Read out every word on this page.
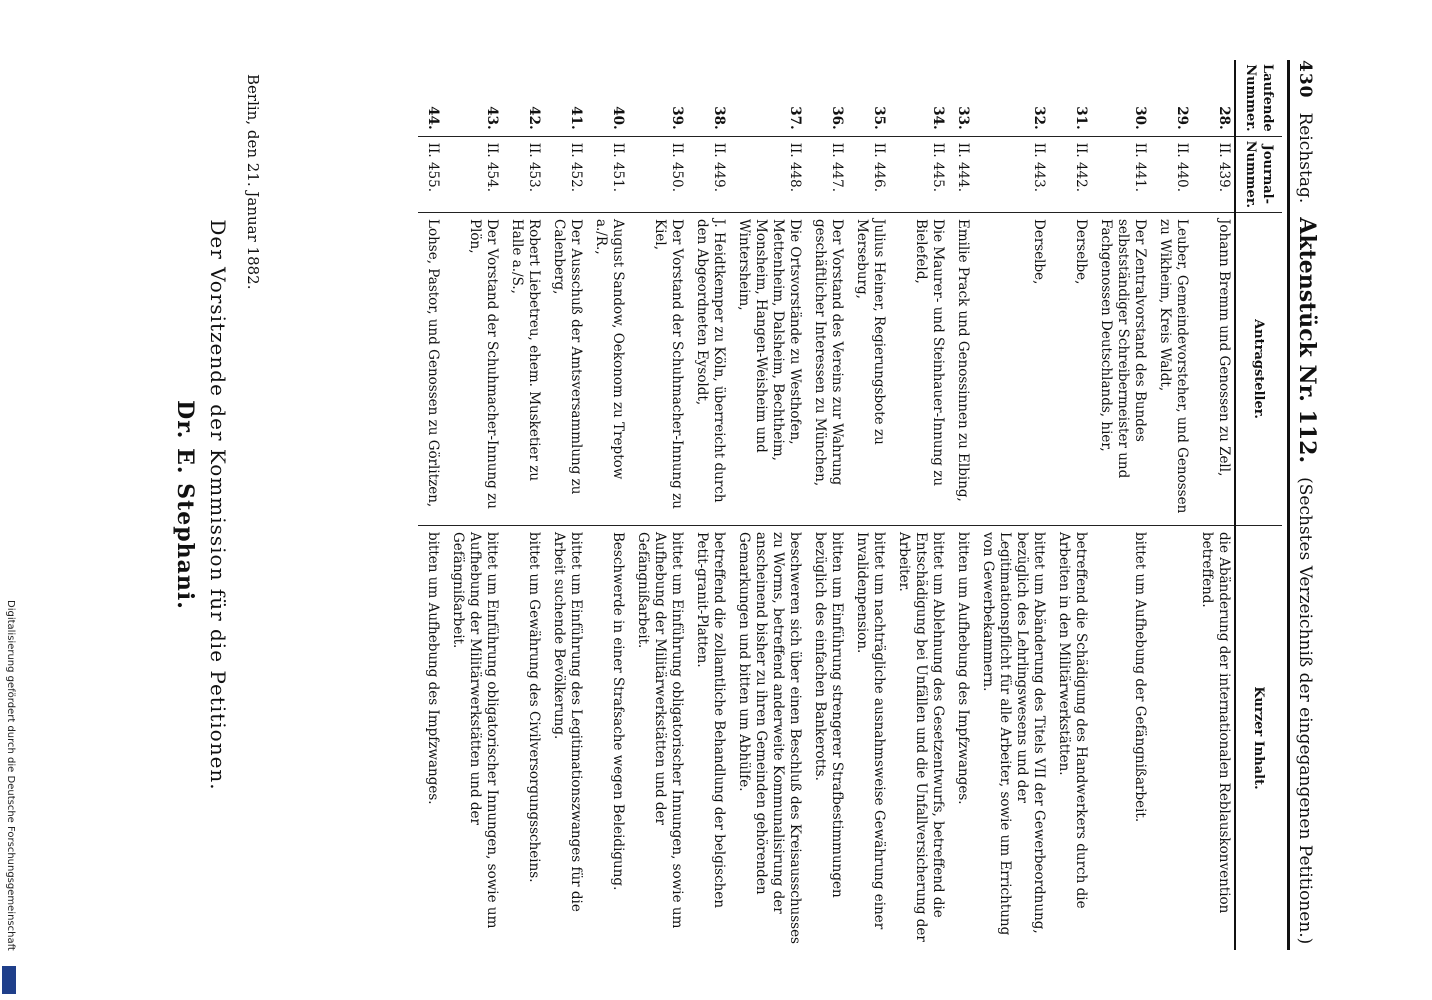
430
Reichstag.
Aktenstück Nr. 112.
(Sechstes Verzeichniß der eingegangenen Petitionen.)
Laufende Nummer.	Journal-Nummer.	Antragsteller.	Kurzer Inhalt.
28.	II. 439.	Johann Bremm und Genossen zu Zell,	die Abänderung der internationalen Reblauskonvention betreffend.
29.	II. 440.	Leuber, Gemeindevorsteher, und Genossen zu Wikheim, Kreis Waldt,	
30.	II. 441.	Der Zentralvorstand des Bundes selbstständiger Schreibermeister und Fachgenossen Deutschlands, hier,	bittet um Aufhebung der Gefängnißarbeit.
31.	II. 442.	Derselbe,	betreffend die Schädigung des Handwerkers durch die Arbeiten in den Militärwerkstätten.
32.	II. 443.	Derselbe,	bittet um Abänderung des Titels VII der Gewerbeordnung, bezüglich des Lehrlingswesens und der Legitimationspflicht für alle Arbeiter, sowie um Errichtung von Gewerbekammern.
33.	II. 444.	Emilie Prack und Genossinnen zu Elbing,	bitten um Aufhebung des Impfzwanges.
34.	II. 445.	Die Maurer- und Steinhauer-Innung zu Bielefeld,	bittet um Ablehnung des Gesetzentwurfs, betreffend die Entschädigung bei Unfällen und die Unfallversicherung der Arbeiter.
35.	II. 446.	Julius Heiner, Regierungsbote zu Merseburg,	bittet um nachträgliche ausnahmsweise Gewährung einer Invalidenpension.
36.	II. 447.	Der Vorstand des Vereins zur Wahrung geschäftlicher Interessen zu München,	bitten um Einführung strengerer Strafbestimmungen bezüglich des einfachen Bankerotts.
37.	II. 448.	Die Ortsvorstände zu Westhofen, Mettenheim, Dalsheim, Bechtheim, Monsheim, Hangen-Weisheim und Wintersheim,	beschweren sich über einen Beschluß des Kreisausschusses zu Worms, betreffend anderweite Kommunalisirung der anscheinend bisher zu ihren Gemeinden gehörenden Gemarkungen und bitten um Abhülfe.
38.	II. 449.	J. Heidtkemper zu Köln, überreicht durch den Abgeordneten Eysoldt,	betreffend die zollamtliche Behandlung der belgischen Petit-granit-Platten.
39.	II. 450.	Der Vorstand der Schuhmacher-Innung zu Kiel,	bittet um Einführung obligatorischer Innungen, sowie um Aufhebung der Militärwerkstätten und der Gefängnißarbeit.
40.	II. 451.	August Sandow, Oekonom zu Treptow a./R.,	Beschwerde in einer Strafsache wegen Beleidigung.
41.	II. 452.	Der Ausschuß der Amtsversammlung zu Calenberg,	bittet um Einführung des Legitimationszwanges für die Arbeit suchende Bevölkerung.
42.	II. 453.	Robert Liebetreu, ehem. Musketier zu Halle a./S.,	bittet um Gewährung des Civilversorgungsscheins.
43.	II. 454.	Der Vorstand der Schuhmacher-Innung zu Plön,	bittet um Einführung obligatorischer Innungen, sowie um Aufhebung der Militärwerkstätten und der Gefängnißarbeit.
44.	II. 455.	Lohse, Pastor, und Genossen zu Görlitzen,	bitten um Aufhebung des Impfzwanges.
Berlin, den 21. Januar 1882.
Der Vorsitzende der Kommission für die Petitionen.
Dr. E. Stephani.
Digitalisierung gefördert durch die Deutsche Forschungsgemeinschaft
